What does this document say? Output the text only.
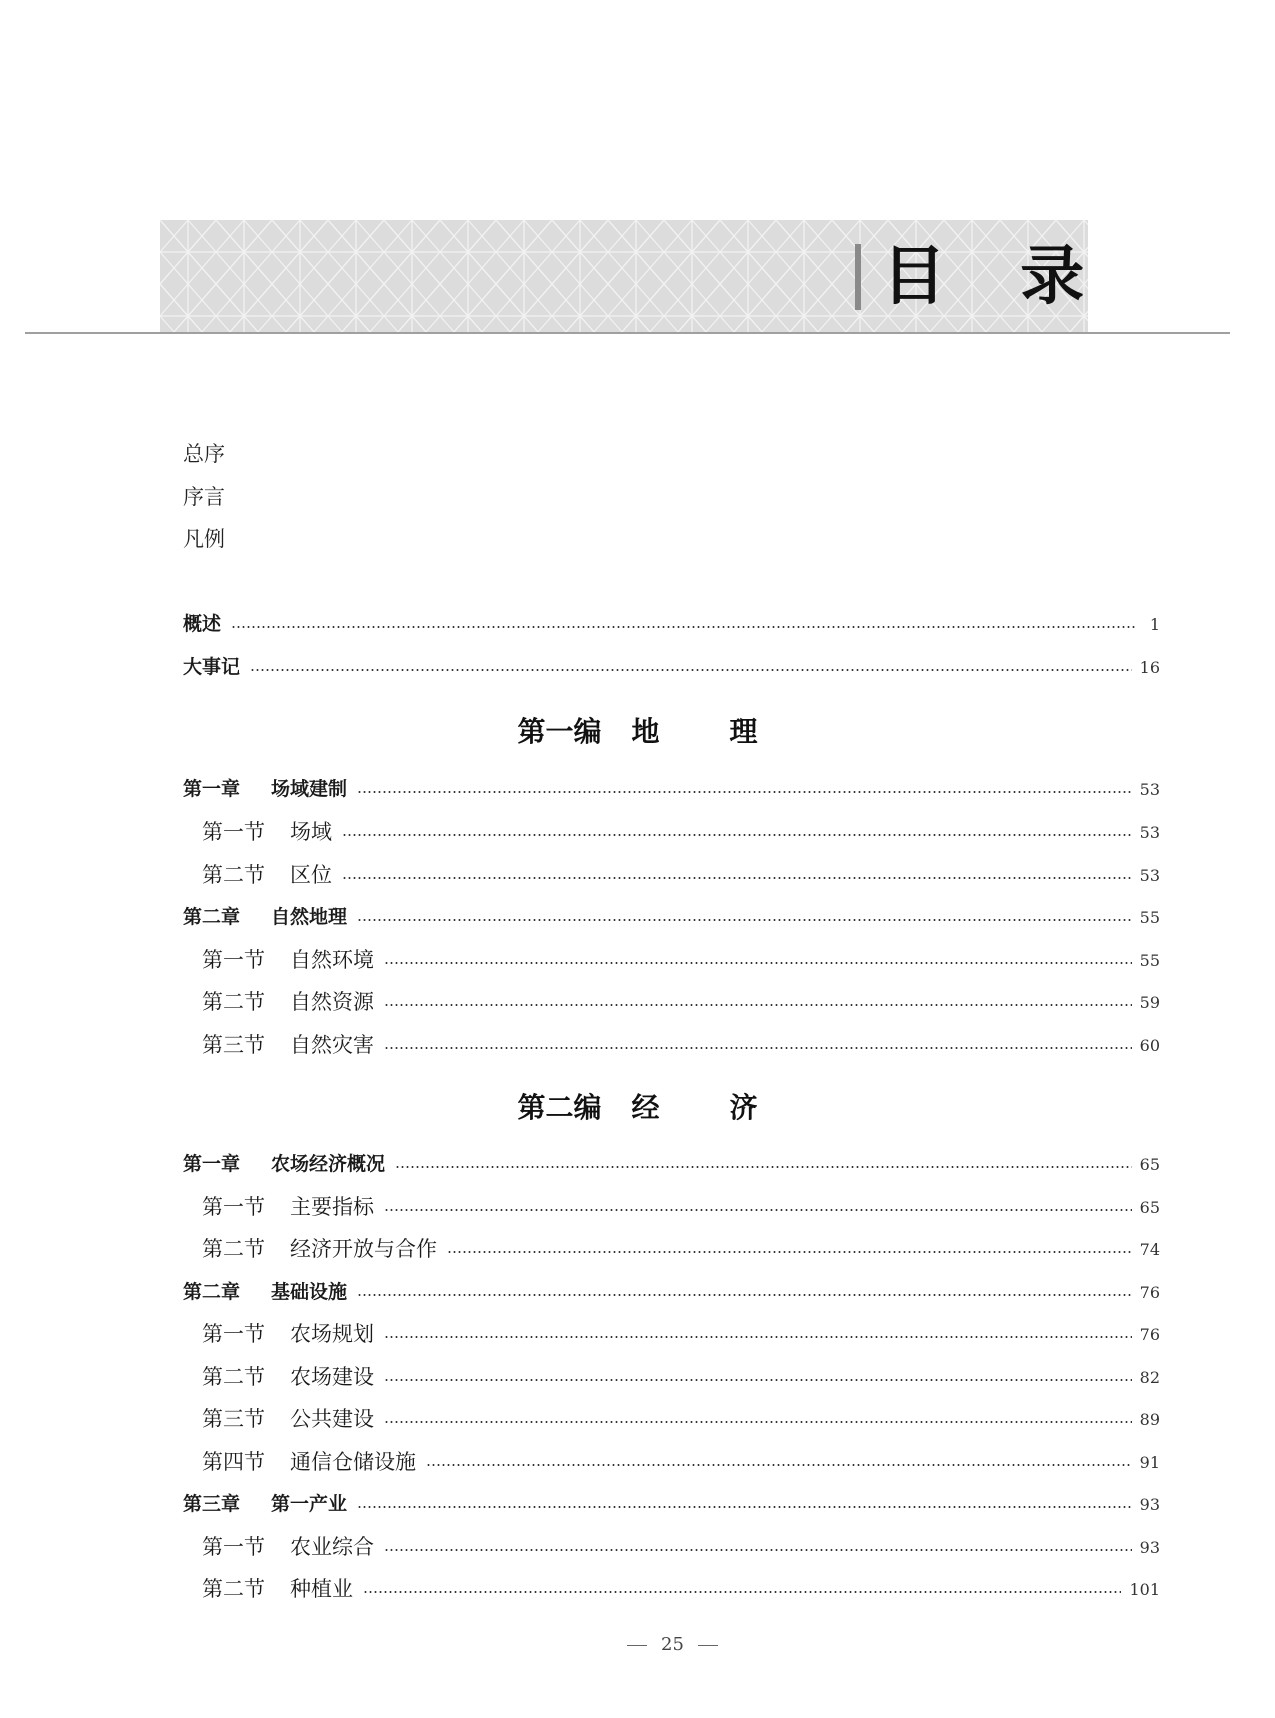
目 录
总序
序言
凡例
概述	1
大事记	16
第一编 地理
第一章 场域建制	53
第一节 场域	53
第二节 区位	53
第二章 自然地理	55
第一节 自然环境	55
第二节 自然资源	59
第三节 自然灾害	60
第二编 经济
第一章 农场经济概况	65
第一节 主要指标	65
第二节 经济开放与合作	74
第二章 基础设施	76
第一节 农场规划	76
第二节 农场建设	82
第三节 公共建设	89
第四节 通信仓储设施	91
第三章 第一产业	93
第一节 农业综合	93
第二节 种植业	101
25
